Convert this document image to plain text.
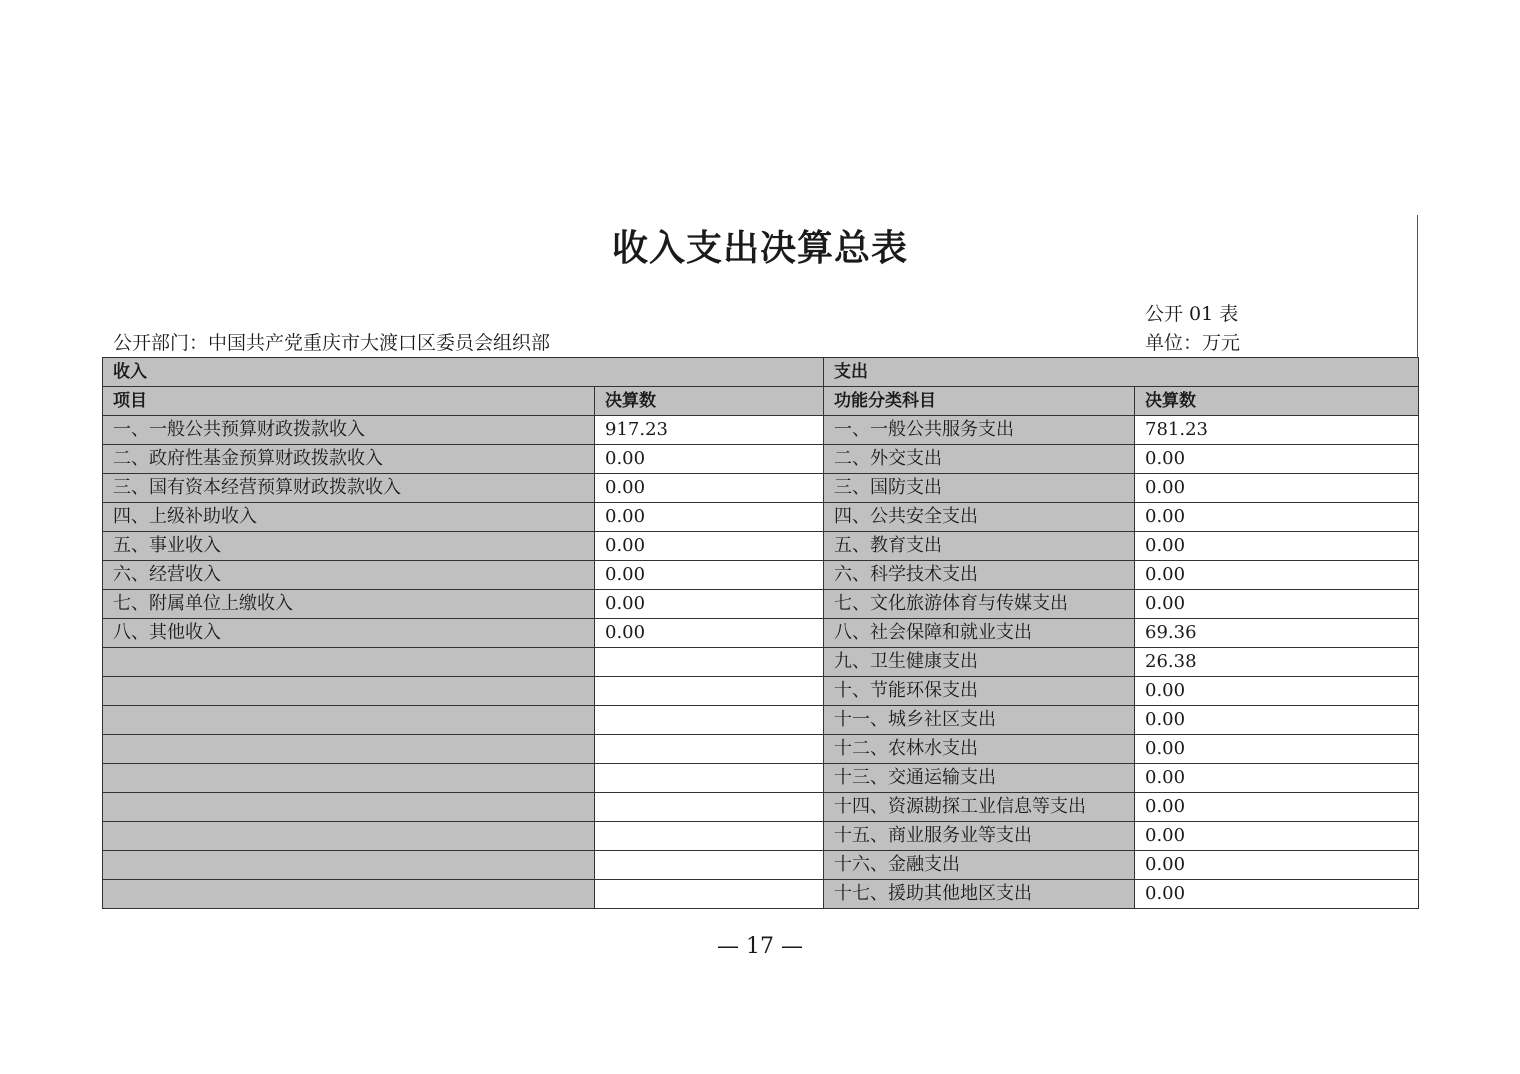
收入支出决算总表
公开 01 表
公开部门：中国共产党重庆市大渡口区委员会组织部	单位：万元
收入		支出	
项目	决算数	功能分类科目	决算数
一、一般公共预算财政拨款收入	917.23	一、一般公共服务支出	781.23
二、政府性基金预算财政拨款收入	0.00	二、外交支出	0.00
三、国有资本经营预算财政拨款收入	0.00	三、国防支出	0.00
四、上级补助收入	0.00	四、公共安全支出	0.00
五、事业收入	0.00	五、教育支出	0.00
六、经营收入	0.00	六、科学技术支出	0.00
七、附属单位上缴收入	0.00	七、文化旅游体育与传媒支出	0.00
八、其他收入	0.00	八、社会保障和就业支出	69.36
		九、卫生健康支出	26.38
		十、节能环保支出	0.00
		十一、城乡社区支出	0.00
		十二、农林水支出	0.00
		十三、交通运输支出	0.00
		十四、资源勘探工业信息等支出	0.00
		十五、商业服务业等支出	0.00
		十六、金融支出	0.00
		十七、援助其他地区支出	0.00
— 17 —
